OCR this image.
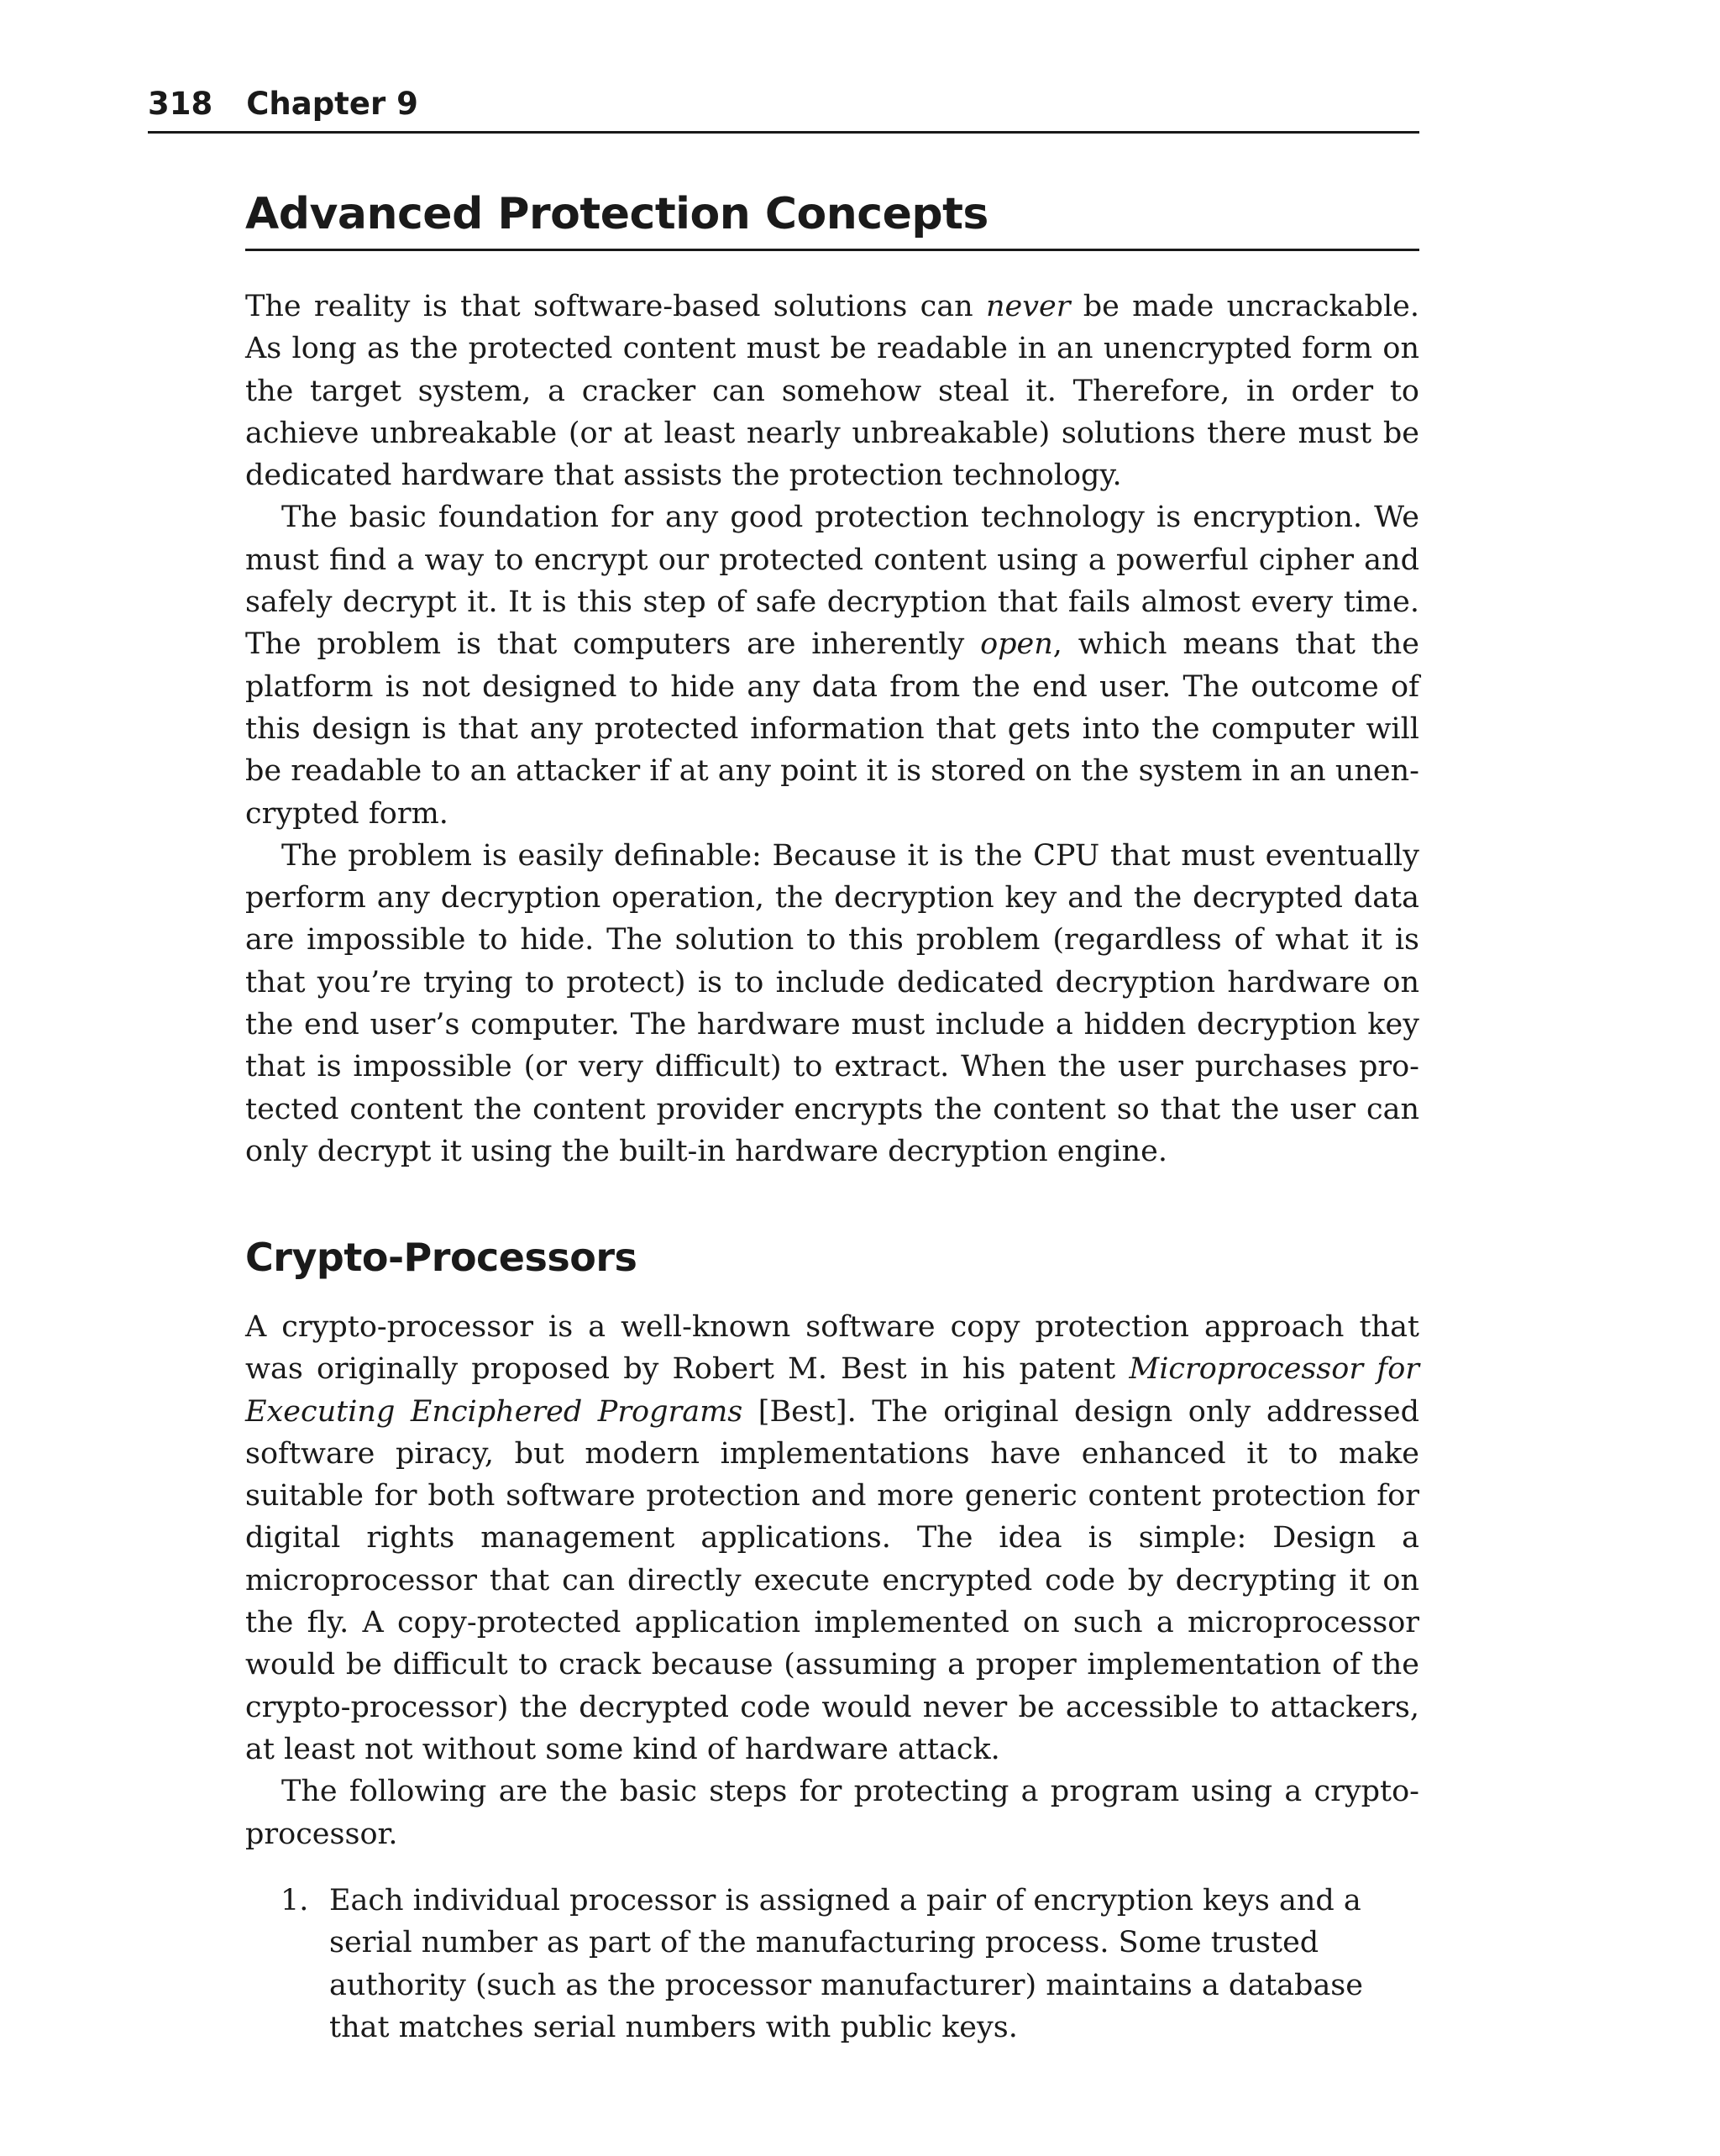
318 Chapter 9
Advanced Protection Concepts

The reality is that software-based solutions can never be made uncrackable. As long as the protected content must be readable in an unencrypted form on the target system, a cracker can somehow steal it. Therefore, in order to achieve unbreakable (or at least nearly unbreakable) solutions there must be dedicated hardware that assists the protection technology.

The basic foundation for any good protection technology is encryption. We must find a way to encrypt our protected content using a powerful cipher and safely decrypt it. It is this step of safe decryption that fails almost every time. The problem is that computers are inherently open, which means that the platform is not designed to hide any data from the end user. The outcome of this design is that any protected information that gets into the computer will be readable to an attacker if at any point it is stored on the system in an unencrypted form.

The problem is easily definable: Because it is the CPU that must eventually perform any decryption operation, the decryption key and the decrypted data are impossible to hide. The solution to this problem (regardless of what it is that you’re trying to protect) is to include dedicated decryption hardware on the end user’s computer. The hardware must include a hidden decryption key that is impossible (or very difficult) to extract. When the user purchases protected content the content provider encrypts the content so that the user can only decrypt it using the built-in hardware decryption engine.

Crypto-Processors

A crypto-processor is a well-known software copy protection approach that was originally proposed by Robert M. Best in his patent Microprocessor for Executing Enciphered Programs [Best]. The original design only addressed software piracy, but modern implementations have enhanced it to make suitable for both software protection and more generic content protection for digital rights management applications. The idea is simple: Design a microprocessor that can directly execute encrypted code by decrypting it on the fly. A copy-protected application implemented on such a microprocessor would be difficult to crack because (assuming a proper implementation of the crypto-processor) the decrypted code would never be accessible to attackers, at least not without some kind of hardware attack.

The following are the basic steps for protecting a program using a crypto-processor.

1. Each individual processor is assigned a pair of encryption keys and a serial number as part of the manufacturing process. Some trusted authority (such as the processor manufacturer) maintains a database that matches serial numbers with public keys.
